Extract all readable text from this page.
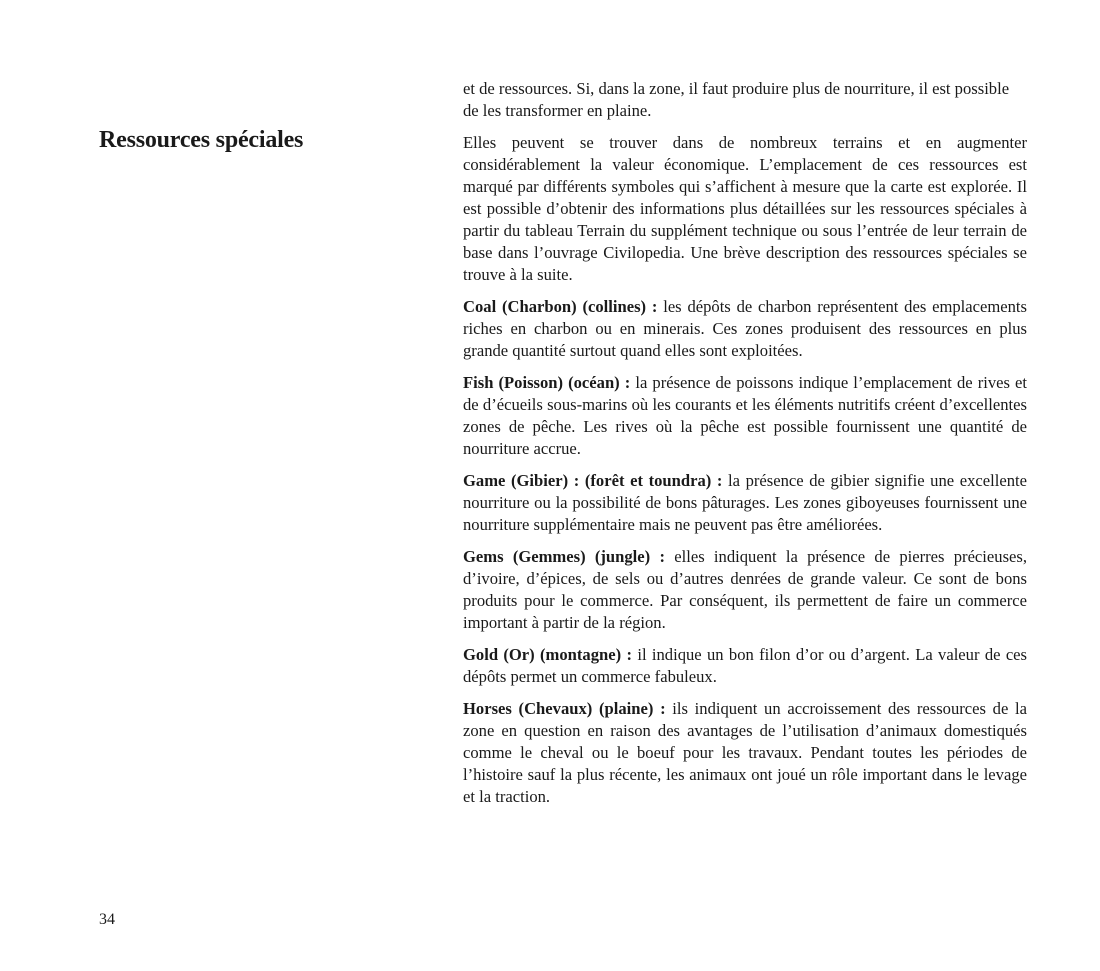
Ressources spéciales

et de ressources. Si, dans la zone, il faut produire plus de nourriture, il est possible de les transformer en plaine.

Elles peuvent se trouver dans de nombreux terrains et en augmenter considérablement la valeur économique. L’emplacement de ces ressources est marqué par différents symboles qui s’affichent à mesure que la carte est explorée. Il est possible d’obtenir des informations plus détaillées sur les ressources spéciales à partir du tableau Terrain du supplément technique ou sous l’entrée de leur terrain de base dans l’ouvrage Civilopedia. Une brève description des ressources spéciales se trouve à la suite.

Coal (Charbon) (collines) : les dépôts de charbon représentent des emplacements riches en charbon ou en minerais. Ces zones produisent des ressources en plus grande quantité surtout quand elles sont exploitées.

Fish (Poisson) (océan) : la présence de poissons indique l’emplacement de rives et de d’écueils sous-marins où les courants et les éléments nutritifs créent d’excellentes zones de pêche. Les rives où la pêche est possible fournissent une quantité de nourriture accrue.

Game (Gibier) : (forêt et toundra) : la présence de gibier signifie une excellente nourriture ou la possibilité de bons pâturages. Les zones giboyeuses fournissent une nourriture supplémentaire mais ne peuvent pas être améliorées.

Gems (Gemmes) (jungle) : elles indiquent la présence de pierres précieuses, d’ivoire, d’épices, de sels ou d’autres denrées de grande valeur. Ce sont de bons produits pour le commerce. Par conséquent, ils permettent de faire un commerce important à partir de la région.

Gold (Or) (montagne) : il indique un bon filon d’or ou d’argent. La valeur de ces dépôts permet un commerce fabuleux.

Horses (Chevaux) (plaine) : ils indiquent un accroissement des ressources de la zone en question en raison des avantages de l’utilisation d’animaux domestiqués comme le cheval ou le boeuf pour les travaux. Pendant toutes les périodes de l’histoire sauf la plus récente, les animaux ont joué un rôle important dans le levage et la traction.

34
